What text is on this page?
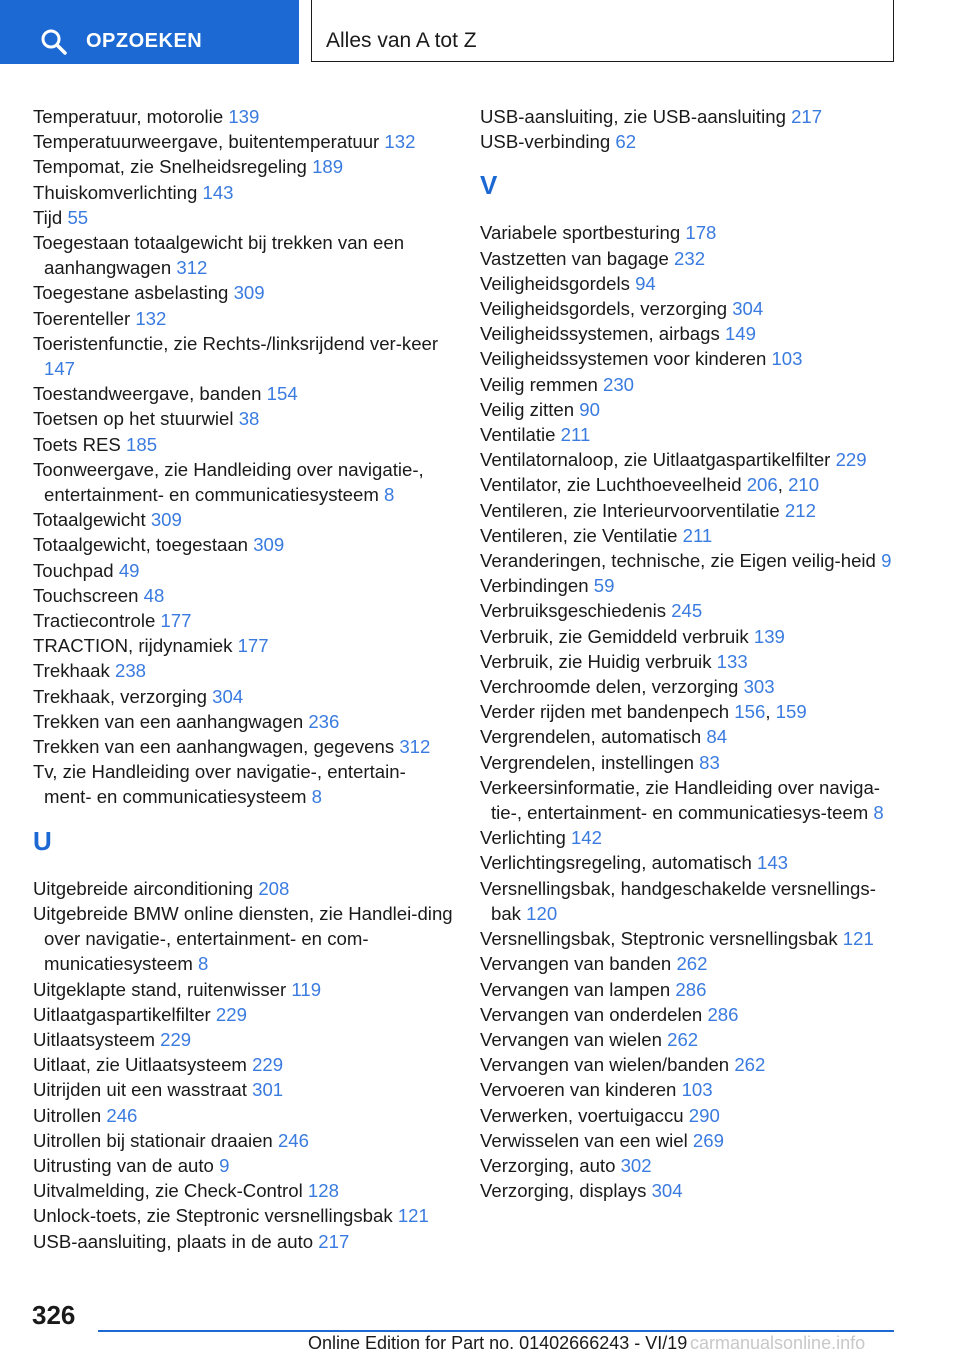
OPZOEKEN	Alles van A tot Z

Temperatuur, motorolie 139

Temperatuurweergave, buitentemperatuur 132

Tempomat, zie Snelheidsregeling 189

Thuiskomverlichting 143

Tijd 55

Toegestaan totaalgewicht bij trekken van een aanhangwagen 312

Toegestane asbelasting 309

Toerenteller 132

Toeristenfunctie, zie Rechts-/linksrijdend ver-keer 147

Toestandweergave, banden 154

Toetsen op het stuurwiel 38

Toets RES 185

Toonweergave, zie Handleiding over navigatie-, entertainment- en communicatiesysteem 8

Totaalgewicht 309

Totaalgewicht, toegestaan 309

Touchpad 49

Touchscreen 48

Tractiecontrole 177

TRACTION, rijdynamiek 177

Trekhaak 238

Trekhaak, verzorging 304

Trekken van een aanhangwagen 236

Trekken van een aanhangwagen, gegevens 312

Tv, zie Handleiding over navigatie-, entertain-ment- en communicatiesysteem 8

U

Uitgebreide airconditioning 208

Uitgebreide BMW online diensten, zie Handlei-ding over navigatie-, entertainment- en com-municatiesysteem 8

Uitgeklapte stand, ruitenwisser 119

Uitlaatgaspartikelfilter 229

Uitlaatsysteem 229

Uitlaat, zie Uitlaatsysteem 229

Uitrijden uit een wasstraat 301

Uitrollen 246

Uitrollen bij stationair draaien 246

Uitrusting van de auto 9

Uitvalmelding, zie Check-Control 128

Unlock-toets, zie Steptronic versnellingsbak 121

USB-aansluiting, plaats in de auto 217

USB-aansluiting, zie USB-aansluiting 217

USB-verbinding 62

V

Variabele sportbesturing 178

Vastzetten van bagage 232

Veiligheidsgordels 94

Veiligheidsgordels, verzorging 304

Veiligheidssystemen, airbags 149

Veiligheidssystemen voor kinderen 103

Veilig remmen 230

Veilig zitten 90

Ventilatie 211

Ventilatornaloop, zie Uitlaatgaspartikelfilter 229

Ventilator, zie Luchthoeveelheid 206, 210

Ventileren, zie Interieurvoorventilatie 212

Ventileren, zie Ventilatie 211

Veranderingen, technische, zie Eigen veilig-heid 9

Verbindingen 59

Verbruiksgeschiedenis 245

Verbruik, zie Gemiddeld verbruik 139

Verbruik, zie Huidig verbruik 133

Verchroomde delen, verzorging 303

Verder rijden met bandenpech 156, 159

Vergrendelen, automatisch 84

Vergrendelen, instellingen 83

Verkeersinformatie, zie Handleiding over naviga-tie-, entertainment- en communicatiesys-teem 8

Verlichting 142

Verlichtingsregeling, automatisch 143

Versnellingsbak, handgeschakelde versnellings-bak 120

Versnellingsbak, Steptronic versnellingsbak 121

Vervangen van banden 262

Vervangen van lampen 286

Vervangen van onderdelen 286

Vervangen van wielen 262

Vervangen van wielen/banden 262

Vervoeren van kinderen 103

Verwerken, voertuigaccu 290

Verwisselen van een wiel 269

Verzorging, auto 302

Verzorging, displays 304

326
Online Edition for Part no. 01402666243 - VI/19 carmanualsonline.info
